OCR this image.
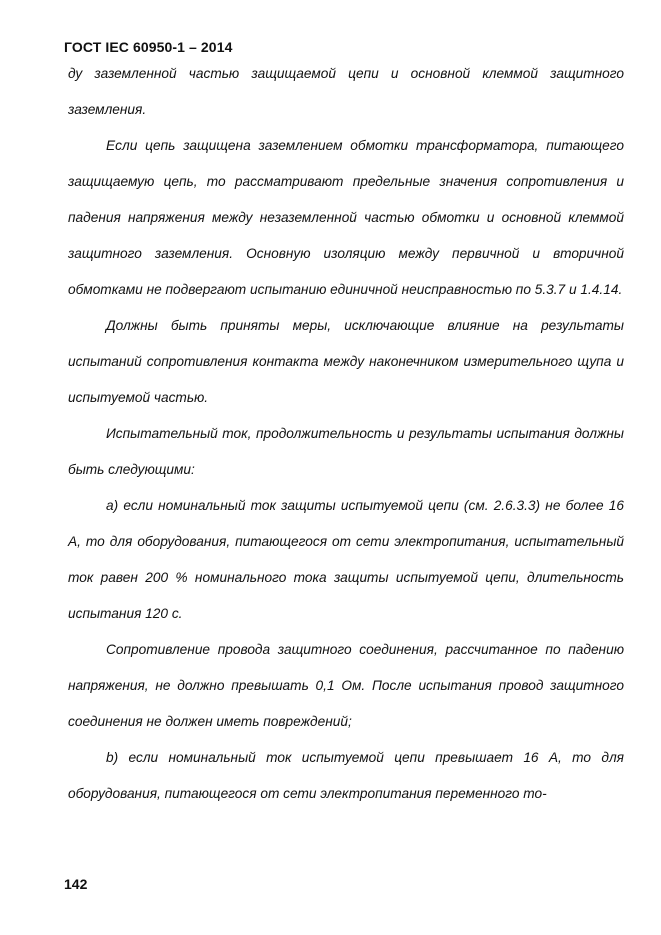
ГОСТ IEC 60950-1 – 2014

ду заземленной частью защищаемой цепи и основной клеммой защитного заземления.

Если цепь защищена заземлением обмотки трансформатора, питающего защищаемую цепь, то рассматривают предельные значения сопротивления и падения напряжения между незаземленной частью обмотки и основной клеммой защитного заземления. Основную изоляцию между первичной и вторичной обмотками не подвергают испытанию единичной неисправностью по 5.3.7 и 1.4.14.

Должны быть приняты меры, исключающие влияние на результаты испытаний сопротивления контакта между наконечником измерительного щупа и испытуемой частью.

Испытательный ток, продолжительность и результаты испытания должны быть следующими:

a) если номинальный ток защиты испытуемой цепи (см. 2.6.3.3) не более 16 А, то для оборудования, питающегося от сети электропитания, испытательный ток равен 200 % номинального тока защиты испытуемой цепи, длительность испытания 120 с.

Сопротивление провода защитного соединения, рассчитанное по падению напряжения, не должно превышать 0,1 Ом. После испытания провод защитного соединения не должен иметь повреждений;

b) если номинальный ток испытуемой цепи превышает 16 А, то для оборудования, питающегося от сети электропитания переменного то-

142
